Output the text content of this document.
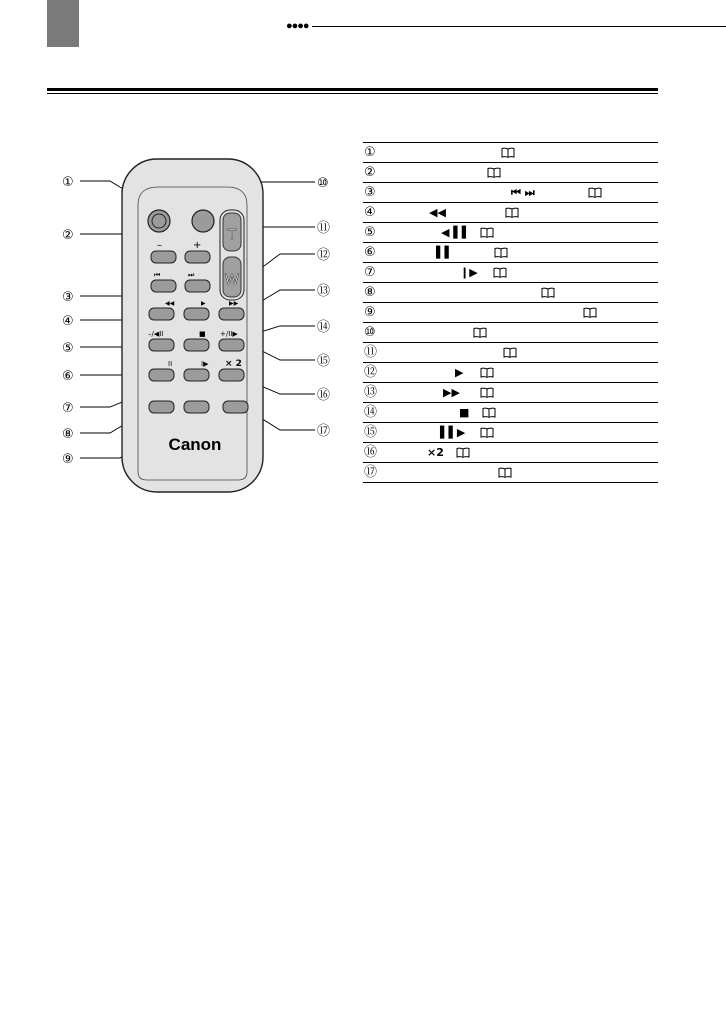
●●●●
T
W
–	+
⏮	⏭
◀◀	▶	▶▶
–/◀II	■ +/II▶
II	I▶ × 2
Canon
①
②
③
④
⑤
⑥
⑦
⑧
⑨
⑩
⑪
⑫
⑬
⑭
⑮
⑯
⑰
①
②
③	⏮ ⏭
④	◀◀
⑤	◀ ▌▌
⑥	▌▌
⑦	❙▶
⑧
⑨
⑩
⑪
⑫	▶
⑬	▶▶
⑭	■
⑮	▌▌▶
⑯	×2
⑰
